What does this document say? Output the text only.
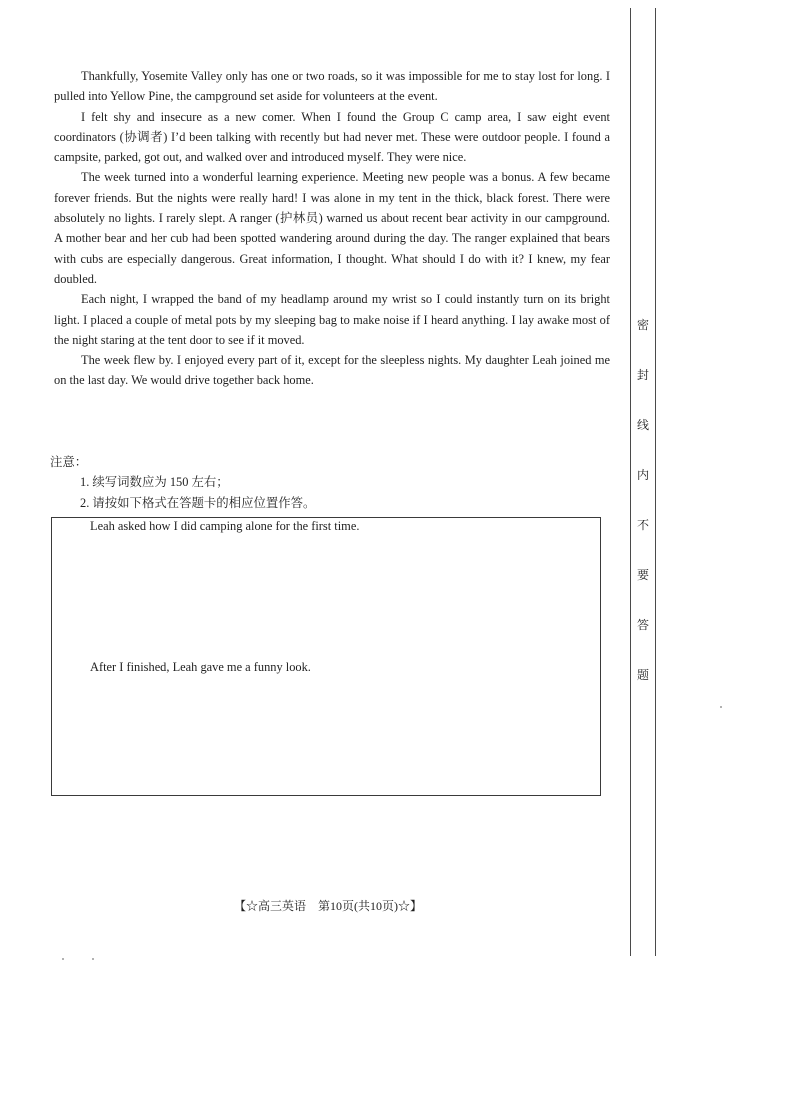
Thankfully, Yosemite Valley only has one or two roads, so it was impossible for me to stay lost for long. I pulled into Yellow Pine, the campground set aside for volunteers at the event.

I felt shy and insecure as a new comer. When I found the Group C camp area, I saw eight event coordinators (协调者) I’d been talking with recently but had never met. These were outdoor people. I found a campsite, parked, got out, and walked over and introduced myself. They were nice.

The week turned into a wonderful learning experience. Meeting new people was a bonus. A few became forever friends. But the nights were really hard! I was alone in my tent in the thick, black forest. There were absolutely no lights. I rarely slept. A ranger (护林员) warned us about recent bear activity in our campground. A mother bear and her cub had been spotted wandering around during the day. The ranger explained that bears with cubs are especially dangerous. Great information, I thought. What should I do with it? I knew, my fear doubled.

Each night, I wrapped the band of my headlamp around my wrist so I could instantly turn on its bright light. I placed a couple of metal pots by my sleeping bag to make noise if I heard anything. I lay awake most of the night staring at the tent door to see if it moved.

The week flew by. I enjoyed every part of it, except for the sleepless nights. My daughter Leah joined me on the last day. We would drive together back home.

注意：

1. 续写词数应为 150 左右；

2. 请按如下格式在答题卡的相应位置作答。

Leah asked how I did camping alone for the first time.
After I finished, Leah gave me a funny look.
【☆高三英语　第10页(共10页)☆】
密
封
线
内
不
要
答
题
